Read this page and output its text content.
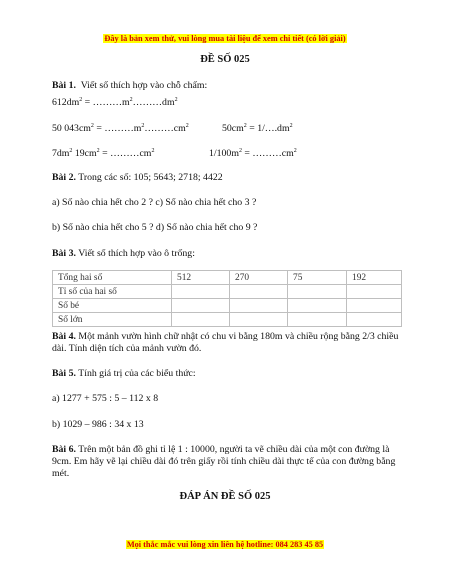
Đây là bản xem thử, vui lòng mua tài liệu để xem chi tiết (có lời giải)
ĐỀ SỐ 025
Bài 1. Viết số thích hợp vào chỗ chấm:
$612dm^2$ = $\dots\dots\dots m^2\dots\dots\dots dm^2$
50 $043cm^2$ = $\dots\dots\dots m^2\dots\dots\dots cm^2$	$50cm^2$ = $1/\dots.dm^2$
$7dm^2$ $19cm^2$ = $\dots\dots\dots cm^2$	$1/100m^2$ = $\dots\dots\dots cm^2$
Bài 2. Trong các số: 105; 5643; 2718; 4422
a) Số nào chia hết cho 2 ? c) Số nào chia hết cho 3 ?
b) Số nào chia hết cho 5 ? d) Số nào chia hết cho 9 ?
Bài 3. Viết số thích hợp vào ô trống:
Tổng hai số	512	270	75	192
Tỉ số của hai số				
Số bé				
Số lớn				
Bài 4. Một mảnh vườn hình chữ nhật có chu vi bằng 180m và chiều rộng bằng 2/3 chiều dài. Tính diện tích của mảnh vườn đó.
Bài 5. Tính giá trị của các biểu thức:
a) 1277 + 575 : 5 – 112 x 8
b) 1029 – 986 : 34 x 13
Bài 6. Trên một bản đồ ghi tỉ lệ 1 : 10000, người ta vẽ chiều dài của một con đường là 9cm. Em hãy vẽ lại chiều dài đó trên giấy rồi tính chiều dài thực tế của con đường bằng mét.
ĐÁP ÁN ĐỀ SỐ 025
Mọi thắc mắc vui lòng xin liên hệ hotline: 084 283 45 85
